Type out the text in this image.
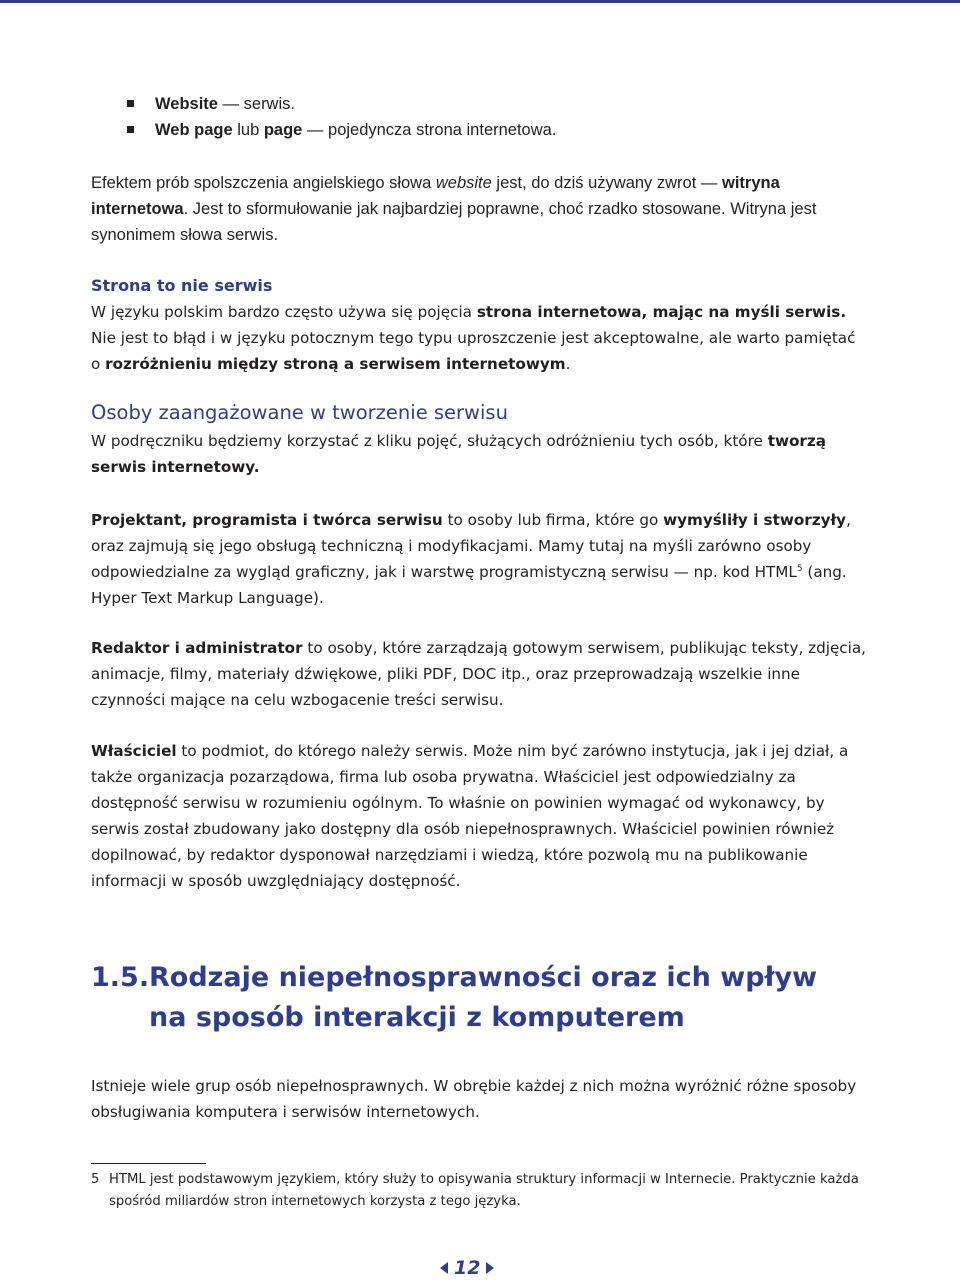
Website — serwis.
Web page lub page — pojedyncza strona internetowa.

Efektem prób spolszczenia angielskiego słowa website jest, do dziś używany zwrot — witryna internetowa. Jest to sformułowanie jak najbardziej poprawne, choć rzadko stosowane. Witryna jest synonimem słowa serwis.

Strona to nie serwis

W języku polskim bardzo często używa się pojęcia strona internetowa, mając na myśli serwis. Nie jest to błąd i w języku potocznym tego typu uproszczenie jest akceptowalne, ale warto pamiętać o rozróżnieniu między stroną a serwisem internetowym.

Osoby zaangażowane w tworzenie serwisu

W podręczniku będziemy korzystać z kliku pojęć, służących odróżnieniu tych osób, które tworzą serwis internetowy.

Projektant, programista i twórca serwisu to osoby lub firma, które go wymyśliły i stworzyły, oraz zajmują się jego obsługą techniczną i modyfikacjami. Mamy tutaj na myśli zarówno osoby odpowiedzialne za wygląd graficzny, jak i warstwę programistyczną serwisu — np. kod HTML$^5$ (ang. Hyper Text Markup Language).

Redaktor i administrator to osoby, które zarządzają gotowym serwisem, publikując teksty, zdjęcia, animacje, filmy, materiały dźwiękowe, pliki PDF, DOC itp., oraz przeprowadzają wszelkie inne czynności mające na celu wzbogacenie treści serwisu.

Właściciel to podmiot, do którego należy serwis. Może nim być zarówno instytucja, jak i jej dział, a także organizacja pozarządowa, firma lub osoba prywatna. Właściciel jest odpowiedzialny za dostępność serwisu w rozumieniu ogólnym. To właśnie on powinien wymagać od wykonawcy, by serwis został zbudowany jako dostępny dla osób niepełnosprawnych. Właściciel powinien również dopilnować, by redaktor dysponował narzędziami i wiedzą, które pozwolą mu na publikowanie informacji w sposób uwzględniający dostępność.

1.5.Rodzaje niepełnosprawności oraz ich wpływ
na sposób interakcji z komputerem

Istnieje wiele grup osób niepełnosprawnych. W obrębie każdej z nich można wyróżnić różne sposoby obsługiwania komputera i serwisów internetowych.

5 HTML jest podstawowym językiem, który służy to opisywania struktury informacji w Internecie. Praktycznie każda spośród miliardów stron internetowych korzysta z tego języka.
12
